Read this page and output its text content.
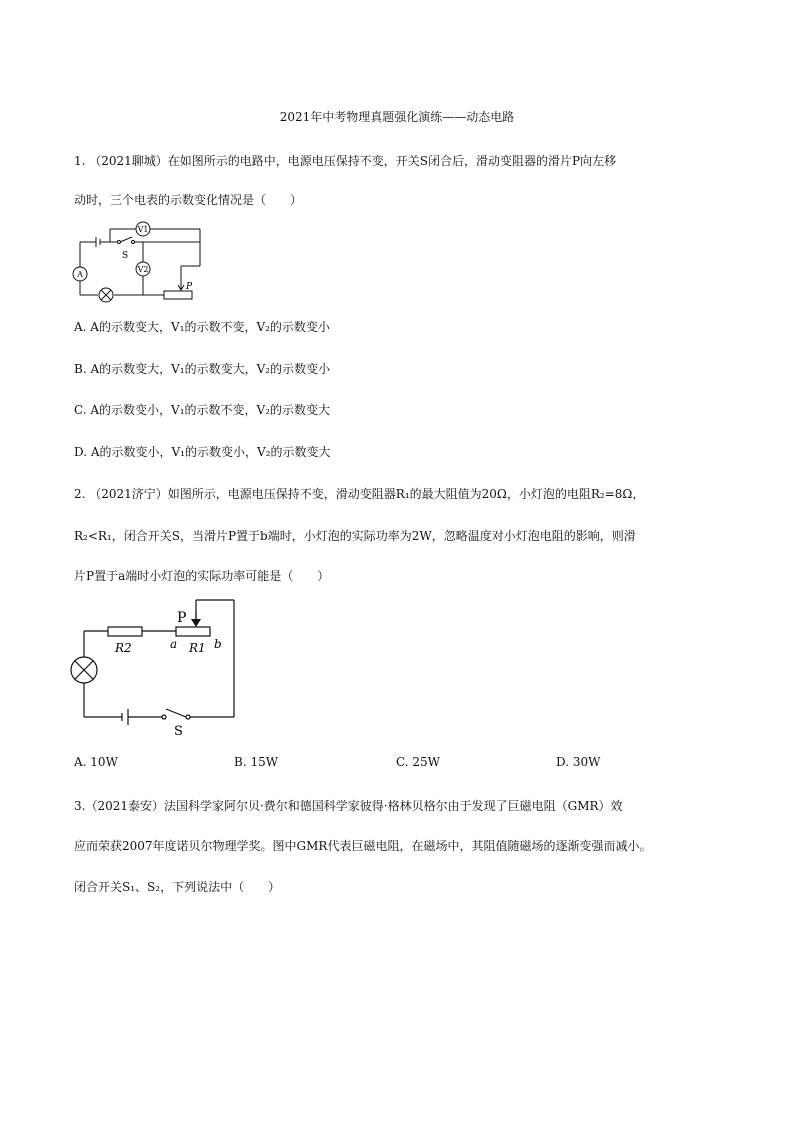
2021年中考物理真题强化演练——动态电路
1. （2021聊城）在如图所示的电路中，电源电压保持不变，开关S闭合后，滑动变阻器的滑片P向左移
动时，三个电表的示数变化情况是（　　）
V1
A
V2
S
P
A. A的示数变大，V₁的示数不变，V₂的示数变小
B. A的示数变大，V₁的示数变大，V₂的示数变小
C. A的示数变小，V₁的示数不变，V₂的示数变大
D. A的示数变小，V₁的示数变小，V₂的示数变大
2. （2021济宁）如图所示，电源电压保持不变，滑动变阻器R₁的最大阻值为20Ω，小灯泡的电阻R₂=8Ω，
R₂<R₁，闭合开关S，当滑片P置于b端时，小灯泡的实际功率为2W，忽略温度对小灯泡电阻的影响，则滑
片P置于a端时小灯泡的实际功率可能是（　　）
P
R2	a R1 b
S
A. 10W	B. 15W	C. 25W	D. 30W
3.（2021泰安）法国科学家阿尔贝·费尔和德国科学家彼得·格林贝格尔由于发现了巨磁电阻（GMR）效
应而荣获2007年度诺贝尔物理学奖。图中GMR代表巨磁电阻，在磁场中，其阻值随磁场的逐渐变强而减小。
闭合开关S₁、S₂，下列说法中（　　）
